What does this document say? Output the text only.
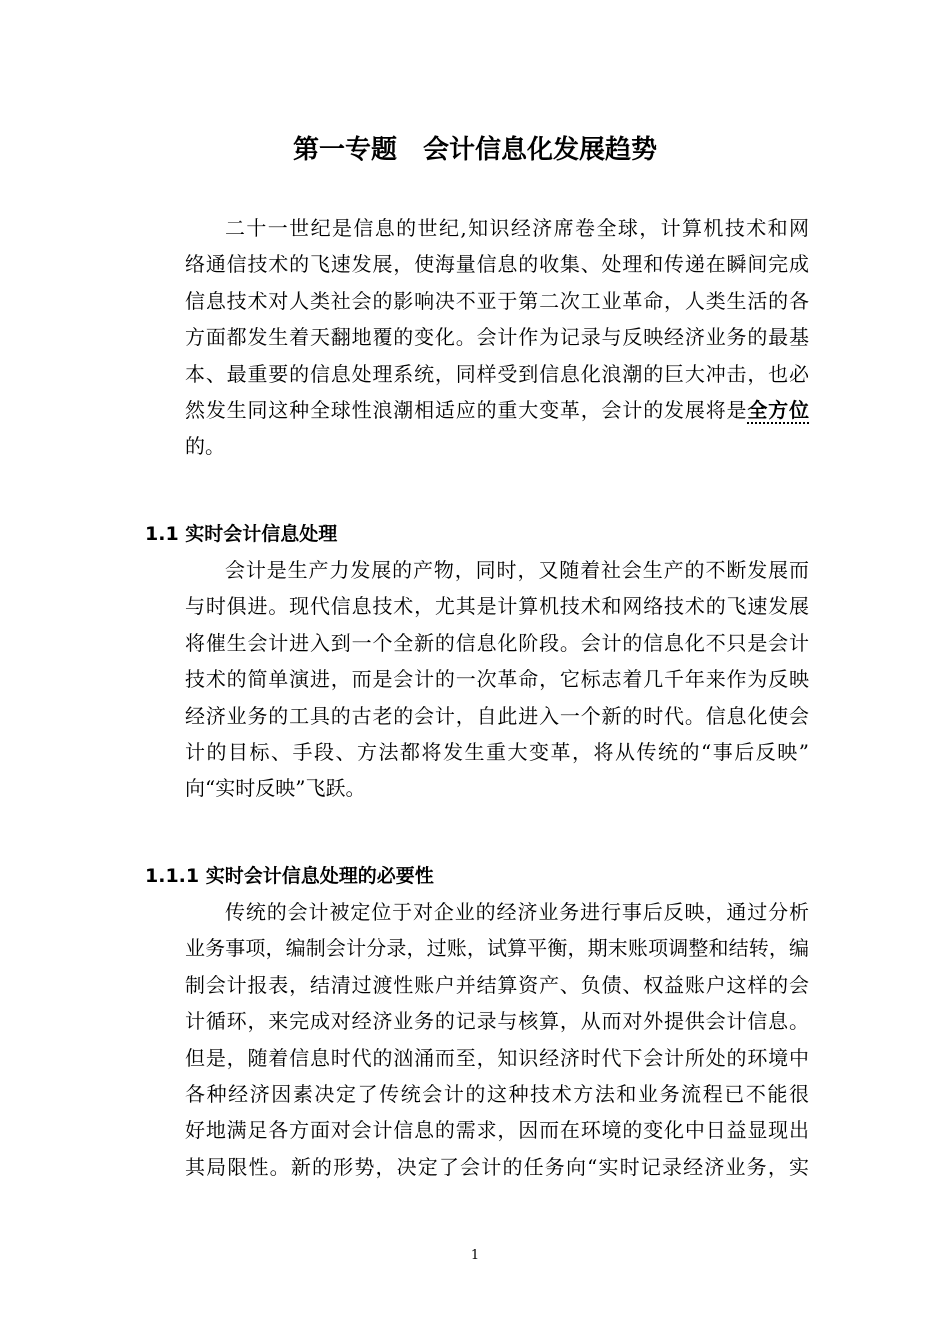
第一专题　会计信息化发展趋势
二十一世纪是信息的世纪,知识经济席卷全球，计算机技术和网
络通信技术的飞速发展，使海量信息的收集、处理和传递在瞬间完成
信息技术对人类社会的影响决不亚于第二次工业革命，人类生活的各
方面都发生着天翻地覆的变化。会计作为记录与反映经济业务的最基
本、最重要的信息处理系统，同样受到信息化浪潮的巨大冲击，也必
然发生同这种全球性浪潮相适应的重大变革，会计的发展将是全方位
的。
1.1 实时会计信息处理
会计是生产力发展的产物，同时，又随着社会生产的不断发展而
与时俱进。现代信息技术，尤其是计算机技术和网络技术的飞速发展
将催生会计进入到一个全新的信息化阶段。会计的信息化不只是会计
技术的简单演进，而是会计的一次革命，它标志着几千年来作为反映
经济业务的工具的古老的会计，自此进入一个新的时代。信息化使会
计的目标、手段、方法都将发生重大变革，将从传统的“事后反映”
向“实时反映”飞跃。
1.1.1 实时会计信息处理的必要性
传统的会计被定位于对企业的经济业务进行事后反映，通过分析
业务事项，编制会计分录，过账，试算平衡，期末账项调整和结转，编
制会计报表，结清过渡性账户并结算资产、负债、权益账户这样的会
计循环，来完成对经济业务的记录与核算，从而对外提供会计信息。
但是，随着信息时代的汹涌而至，知识经济时代下会计所处的环境中
各种经济因素决定了传统会计的这种技术方法和业务流程已不能很
好地满足各方面对会计信息的需求，因而在环境的变化中日益显现出
其局限性。新的形势，决定了会计的任务向“实时记录经济业务，实
1
